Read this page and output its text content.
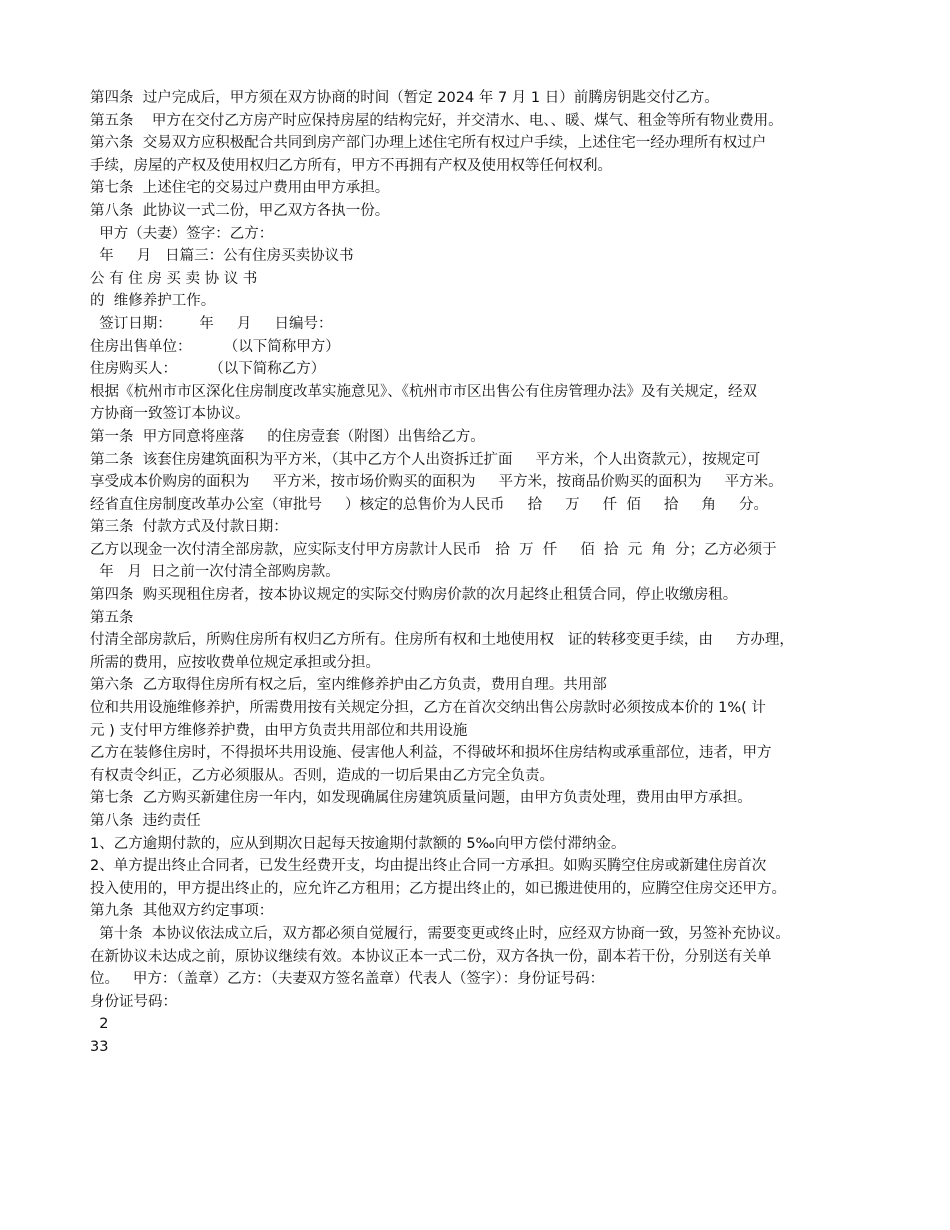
第四条  过户完成后，甲方须在双方协商的时间（暂定 2024 年 7 月 1 日）前腾房钥匙交付乙方。
第五条    甲方在交付乙方房产时应保持房屋的结构完好，并交清水、电、、暖、煤气、租金等所有物业费用。
第六条  交易双方应积极配合共同到房产部门办理上述住宅所有权过户手续，上述住宅一经办理所有权过户
手续，房屋的产权及使用权归乙方所有，甲方不再拥有产权及使用权等任何权利。
第七条  上述住宅的交易过户费用由甲方承担。
第八条  此协议一式二份，甲乙双方各执一份。
甲方（夫妻）签字：乙方：
年     月   日篇三：公有住房买卖协议书
公 有 住 房 买 卖 协 议 书
的  维修养护工作。
签订日期：      年     月     日编号：
住房出售单位：       （以下简称甲方）
住房购买人：       （以下简称乙方）
根据《杭州市市区深化住房制度改革实施意见》、《杭州市市区出售公有住房管理办法》及有关规定，经双
方协商一致签订本协议。
第一条  甲方同意将座落     的住房壹套（附图）出售给乙方。
第二条  该套住房建筑面积为平方米，（其中乙方个人出资拆迁扩面     平方米，个人出资款元），按规定可
享受成本价购房的面积为     平方米，按市场价购买的面积为     平方米，按商品价购买的面积为     平方米。
经省直住房制度改革办公室（审批号     ）核定的总售价为人民币     拾     万     仟  佰     拾     角     分。
第三条  付款方式及付款日期：
乙方以现金一次付清全部房款，应实际支付甲方房款计人民币   拾  万  仟     佰  拾  元  角  分；乙方必须于
年   月  日之前一次付清全部购房款。
第四条  购买现租住房者，按本协议规定的实际交付购房价款的次月起终止租赁合同，停止收缴房租。
第五条
付清全部房款后，所购住房所有权归乙方所有。住房所有权和土地使用权   证的转移变更手续，由     方办理，
所需的费用，应按收费单位规定承担或分担。
第六条  乙方取得住房所有权之后，室内维修养护由乙方负责，费用自理。共用部
位和共用设施维修养护，所需费用按有关规定分担，乙方在首次交纳出售公房款时必须按成本价的 1%( 计
元 ) 支付甲方维修养护费，由甲方负责共用部位和共用设施
乙方在装修住房时，不得损坏共用设施、侵害他人利益，不得破坏和损坏住房结构或承重部位，违者，甲方
有权责令纠正，乙方必须服从。否则，造成的一切后果由乙方完全负责。
第七条  乙方购买新建住房一年内，如发现确属住房建筑质量问题，由甲方负责处理，费用由甲方承担。
第八条  违约责任
1、乙方逾期付款的，应从到期次日起每天按逾期付款额的 5‰向甲方偿付滞纳金。
2、单方提出终止合同者，已发生经费开支，均由提出终止合同一方承担。如购买腾空住房或新建住房首次
投入使用的，甲方提出终止的，应允许乙方租用；乙方提出终止的，如已搬进使用的，应腾空住房交还甲方。
第九条  其他双方约定事项：
第十条  本协议依法成立后，双方都必须自觉履行，需要变更或终止时，应经双方协商一致，另签补充协议。
在新协议未达成之前，原协议继续有效。本协议正本一式二份，双方各执一份，副本若干份，分别送有关单
位。   甲方：（盖章）乙方：（夫妻双方签名盖章）代表人（签字）：身份证号码：
身份证号码：
2
33
